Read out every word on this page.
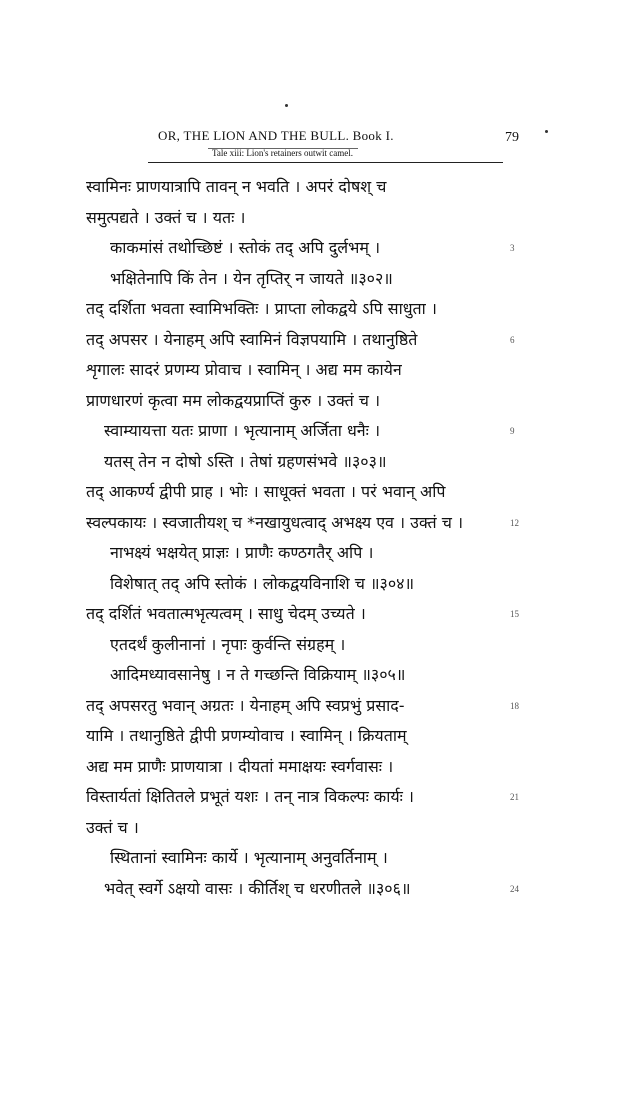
OR, THE LION AND THE BULL. Book I.	79
Tale xiii: Lion's retainers outwit camel.
स्वामिनः प्राणयात्रापि तावन् न भवति । अपरं दोषश् च
समुत्पद्यते । उक्तं च । यतः ।
काकमांसं तथोच्छिष्टं । स्तोकं तद् अपि दुर्लभम् ।	3
भक्षितेनापि किं तेन । येन तृप्तिर् न जायते ॥३०२॥
तद् दर्शिता भवता स्वामिभक्तिः । प्राप्ता लोकद्वये ऽपि साधुता ।
तद् अपसर । येनाहम् अपि स्वामिनं विज्ञपयामि । तथानुष्ठिते	6
शृगालः सादरं प्रणम्य प्रोवाच । स्वामिन् । अद्य मम कायेन
प्राणधारणं कृत्वा मम लोकद्वयप्राप्तिं कुरु । उक्तं च ।
स्वाम्यायत्ता यतः प्राणा । भृत्यानाम् अर्जिता धनैः ।	9
यतस् तेन न दोषो ऽस्ति । तेषां ग्रहणसंभवे ॥३०३॥
तद् आकर्ण्य द्वीपी प्राह । भोः । साधूक्तं भवता । परं भवान् अपि
स्वल्पकायः । स्वजातीयश् च *नखायुधत्वाद् अभक्ष्य एव । उक्तं च ।	12
नाभक्ष्यं भक्षयेत् प्राज्ञः । प्राणैः कण्ठगतैर् अपि ।
विशेषात् तद् अपि स्तोकं । लोकद्वयविनाशि च ॥३०४॥
तद् दर्शितं भवतात्मभृत्यत्वम् । साधु चेदम् उच्यते ।	15
एतदर्थं कुलीनानां । नृपाः कुर्वन्ति संग्रहम् ।
आदिमध्यावसानेषु । न ते गच्छन्ति विक्रियाम् ॥३०५॥
तद् अपसरतु भवान् अग्रतः । येनाहम् अपि स्वप्रभुं प्रसाद-	18
यामि । तथानुष्ठिते द्वीपी प्रणम्योवाच । स्वामिन् । क्रियताम्
अद्य मम प्राणैः प्राणयात्रा । दीयतां ममाक्षयः स्वर्गवासः ।
विस्तार्यतां क्षितितले प्रभूतं यशः । तन् नात्र विकल्पः कार्यः ।	21
उक्तं च ।
स्थितानां स्वामिनः कार्ये । भृत्यानाम् अनुवर्तिनाम् ।
भवेत् स्वर्गे ऽक्षयो वासः । कीर्तिश् च धरणीतले ॥३०६॥	24
